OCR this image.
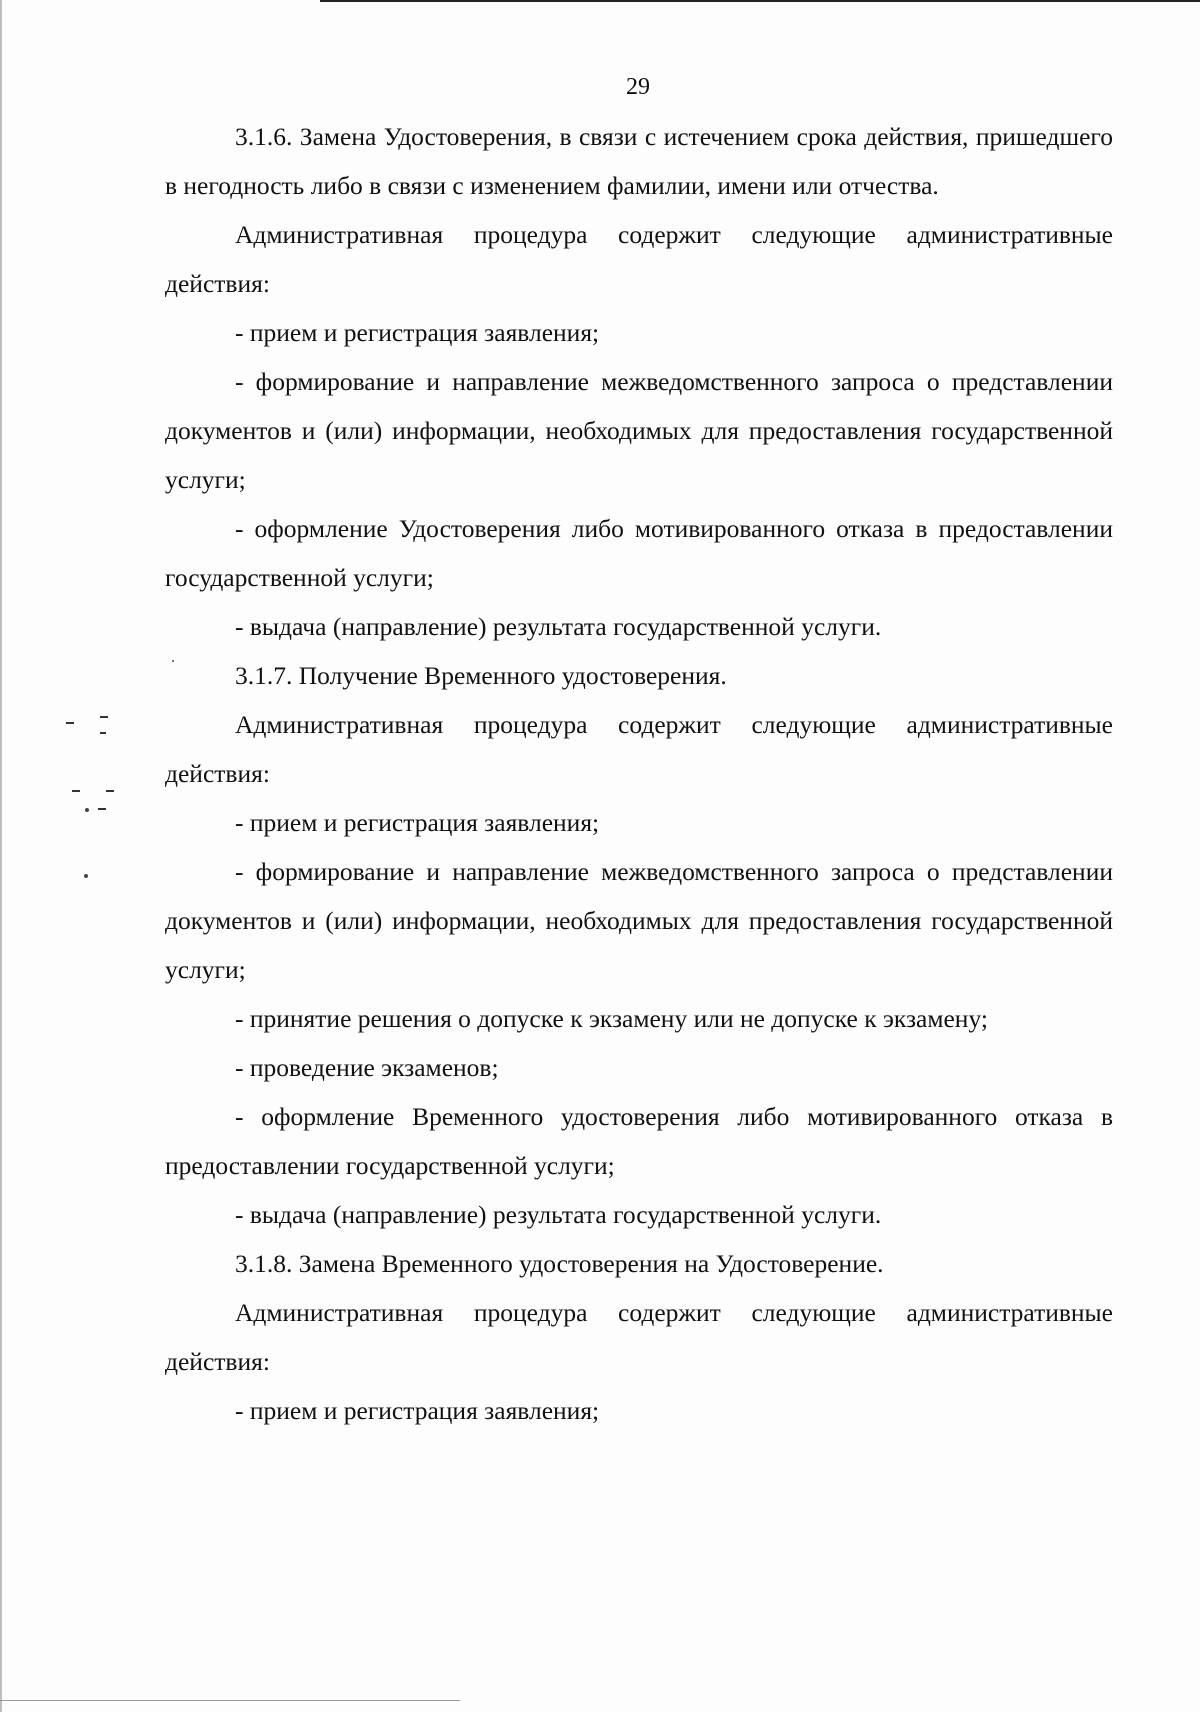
29

3.1.6. Замена Удостоверения, в связи с истечением срока действия, пришедшего в негодность либо в связи с изменением фамилии, имени или отчества.

Административная процедура содержит следующие административные действия:

- прием и регистрация заявления;

- формирование и направление межведомственного запроса о представлении документов и (или) информации, необходимых для предоставления государственной услуги;

- оформление Удостоверения либо мотивированного отказа в предоставлении государственной услуги;

- выдача (направление) результата государственной услуги.

3.1.7. Получение Временного удостоверения.

Административная процедура содержит следующие административные действия:

- прием и регистрация заявления;

- формирование и направление межведомственного запроса о представлении документов и (или) информации, необходимых для предоставления государственной услуги;

- принятие решения о допуске к экзамену или не допуске к экзамену;

- проведение экзаменов;

- оформление Временного удостоверения либо мотивированного отказа в предоставлении государственной услуги;

- выдача (направление) результата государственной услуги.

3.1.8. Замена Временного удостоверения на Удостоверение.

Административная процедура содержит следующие административные действия:

- прием и регистрация заявления;
